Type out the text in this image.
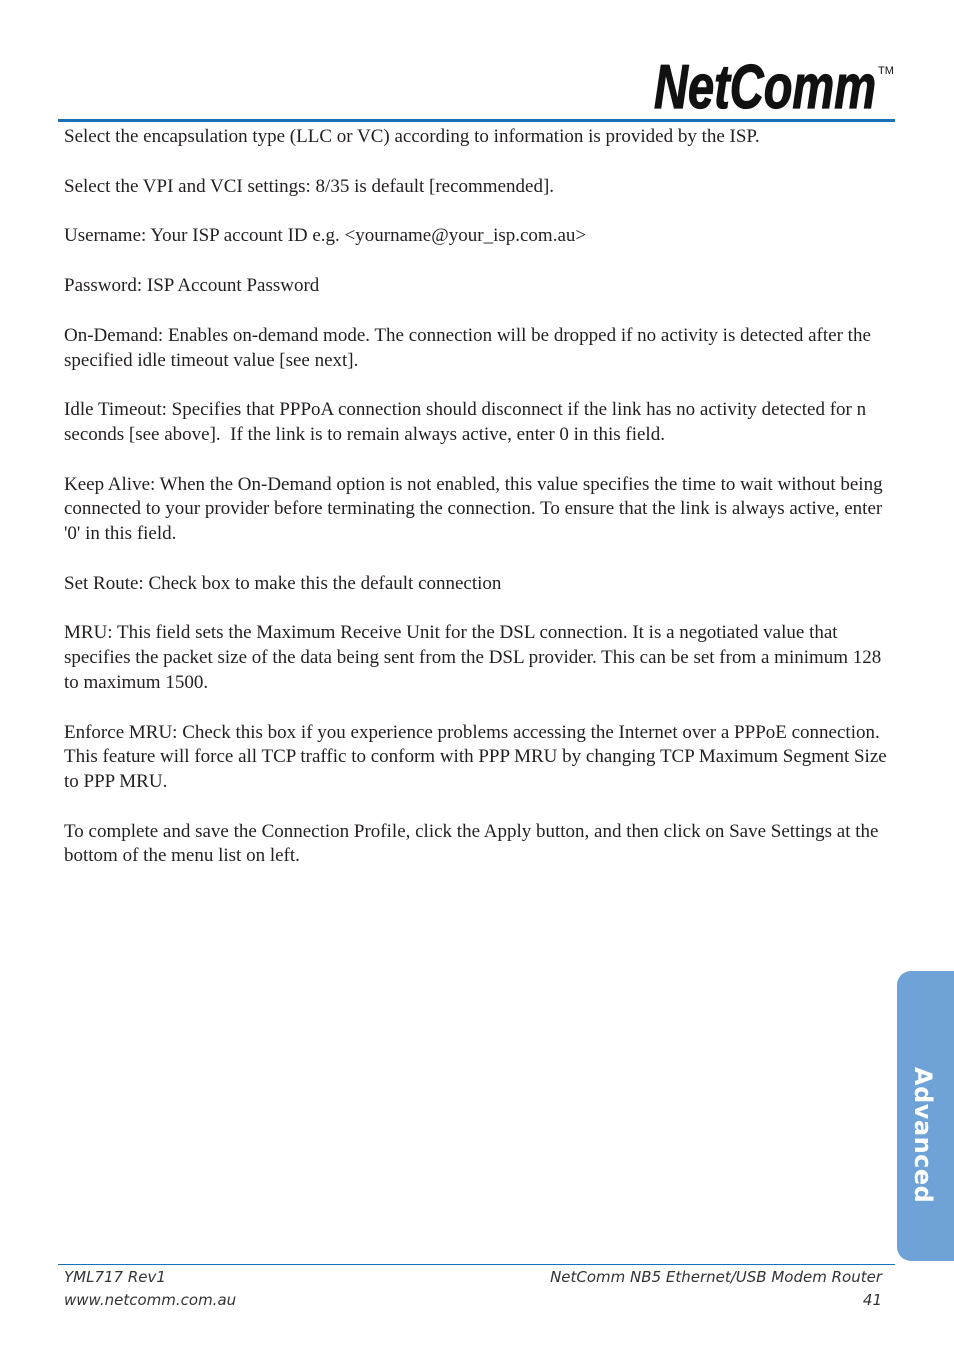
NetComm TM

Select the encapsulation type (LLC or VC) according to information is provided by the ISP.

Select the VPI and VCI settings: 8/35 is default [recommended].

Username: Your ISP account ID e.g. <yourname@your_isp.com.au>

Password: ISP Account Password

On-Demand: Enables on-demand mode. The connection will be dropped if no activity is detected after the specified idle timeout value [see next].

Idle Timeout: Specifies that PPPoA connection should disconnect if the link has no activity detected for n seconds [see above].  If the link is to remain always active, enter 0 in this field.

Keep Alive: When the On-Demand option is not enabled, this value specifies the time to wait without being connected to your provider before terminating the connection. To ensure that the link is always active, enter '0' in this field.

Set Route: Check box to make this the default connection

MRU: This field sets the Maximum Receive Unit for the DSL connection. It is a negotiated value that specifies the packet size of the data being sent from the DSL provider. This can be set from a minimum 128 to maximum 1500.

Enforce MRU: Check this box if you experience problems accessing the Internet over a PPPoE connection. This feature will force all TCP traffic to conform with PPP MRU by changing TCP Maximum Segment Size to PPP MRU.

To complete and save the Connection Profile, click the Apply button, and then click on Save Settings at the bottom of the menu list on left.

Advanced
YML717 Rev1
www.netcomm.com.au
NetComm NB5 Ethernet/USB Modem Router
41
